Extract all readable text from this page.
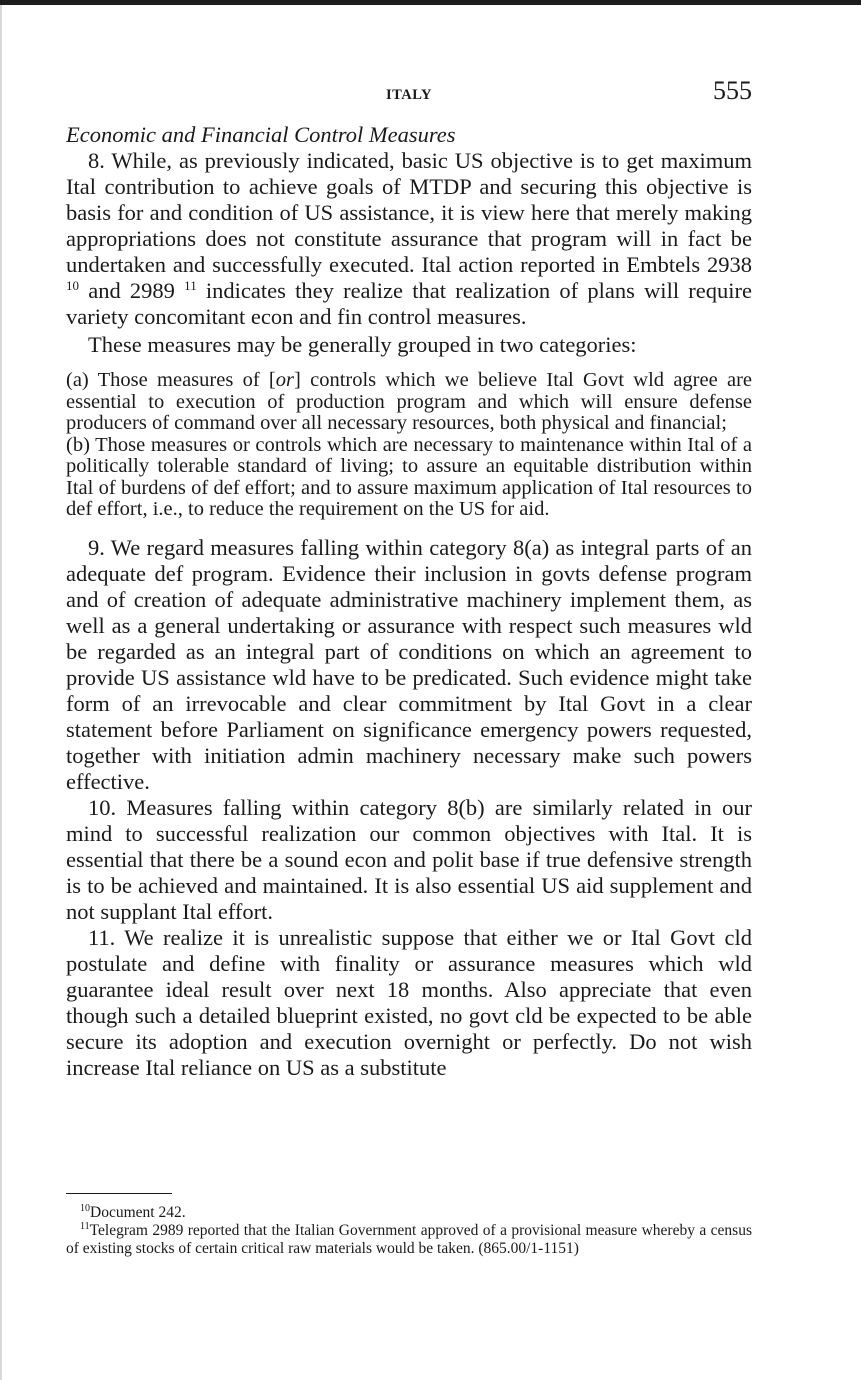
ITALY	555
Economic and Financial Control Measures

8. While, as previously indicated, basic US objective is to get maximum Ital contribution to achieve goals of MTDP and securing this objective is basis for and condition of US assistance, it is view here that merely making appropriations does not constitute assurance that program will in fact be undertaken and successfully executed. Ital action reported in Embtels 2938 $^{10}$ and 2989 $^{11}$ indicates they realize that realization of plans will require variety concomitant econ and fin control measures.

These measures may be generally grouped in two categories:

(a) Those measures of [or] controls which we believe Ital Govt wld agree are essential to execution of production program and which will ensure defense producers of command over all necessary resources, both physical and financial;

(b) Those measures or controls which are necessary to maintenance within Ital of a politically tolerable standard of living; to assure an equitable distribution within Ital of burdens of def effort; and to assure maximum application of Ital resources to def effort, i.e., to reduce the requirement on the US for aid.

9. We regard measures falling within category 8(a) as integral parts of an adequate def program. Evidence their inclusion in govts defense program and of creation of adequate administrative machinery implement them, as well as a general undertaking or assurance with respect such measures wld be regarded as an integral part of conditions on which an agreement to provide US assistance wld have to be predicated. Such evidence might take form of an irrevocable and clear commitment by Ital Govt in a clear statement before Parliament on significance emergency powers requested, together with initiation admin machinery necessary make such powers effective.

10. Measures falling within category 8(b) are similarly related in our mind to successful realization our common objectives with Ital. It is essential that there be a sound econ and polit base if true defensive strength is to be achieved and maintained. It is also essential US aid supplement and not supplant Ital effort.

11. We realize it is unrealistic suppose that either we or Ital Govt cld postulate and define with finality or assurance measures which wld guarantee ideal result over next 18 months. Also appreciate that even though such a detailed blueprint existed, no govt cld be expected to be able secure its adoption and execution overnight or perfectly. Do not wish increase Ital reliance on US as a substitute

$^{10}$Document 242.

$^{11}$Telegram 2989 reported that the Italian Government approved of a provisional measure whereby a census of existing stocks of certain critical raw materials would be taken. (865.00/1-1151)
